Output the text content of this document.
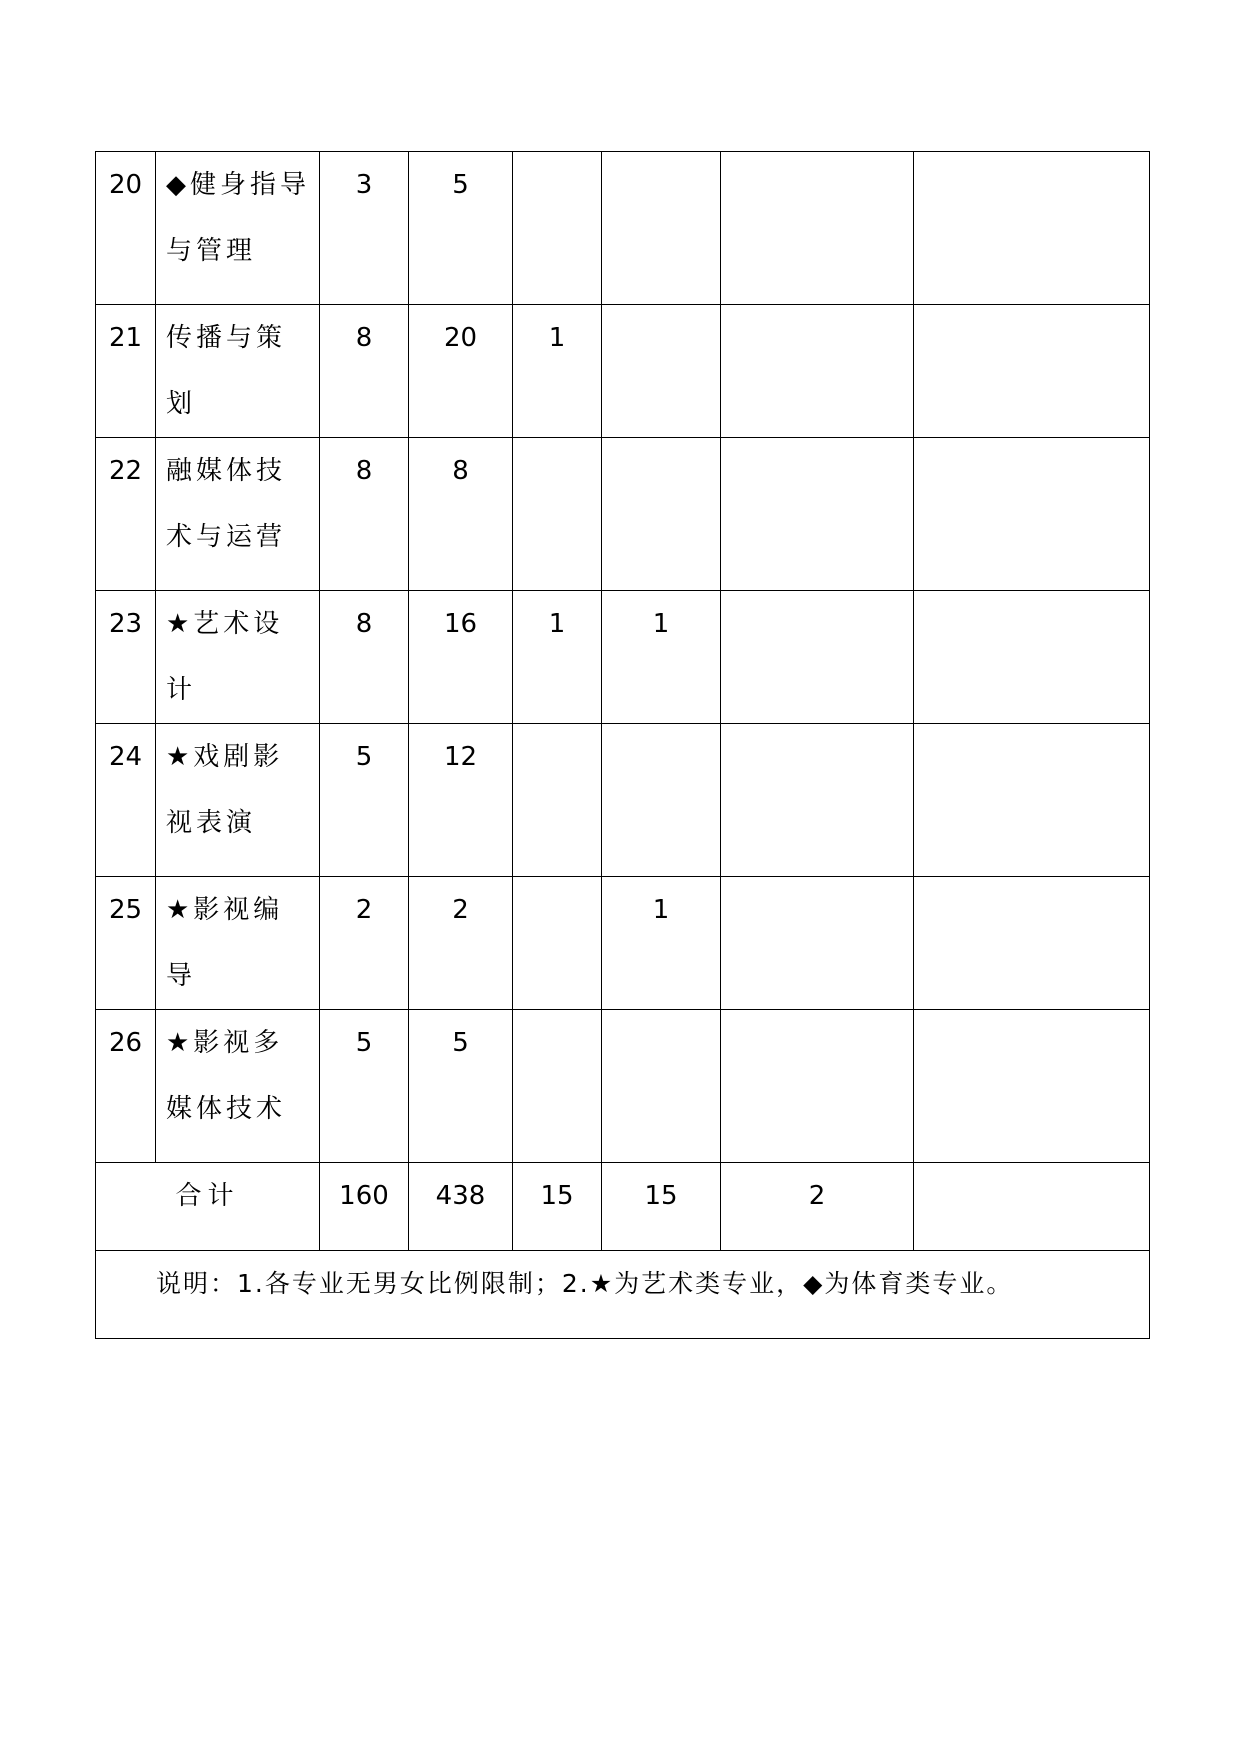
20	◆健身指导与管理	3	5				
21	传播与策划	8	20	1			
22	融媒体技术与运营	8	8				
23	★艺术设计	8	16	1	1		
24	★戏剧影视表演	5	12				
25	★影视编导	2	2		1		
26	★影视多媒体技术	5	5				
合计		160	438	15	15	2	
说明：1.各专业无男女比例限制；2.★为艺术类专业，◆为体育类专业。							
